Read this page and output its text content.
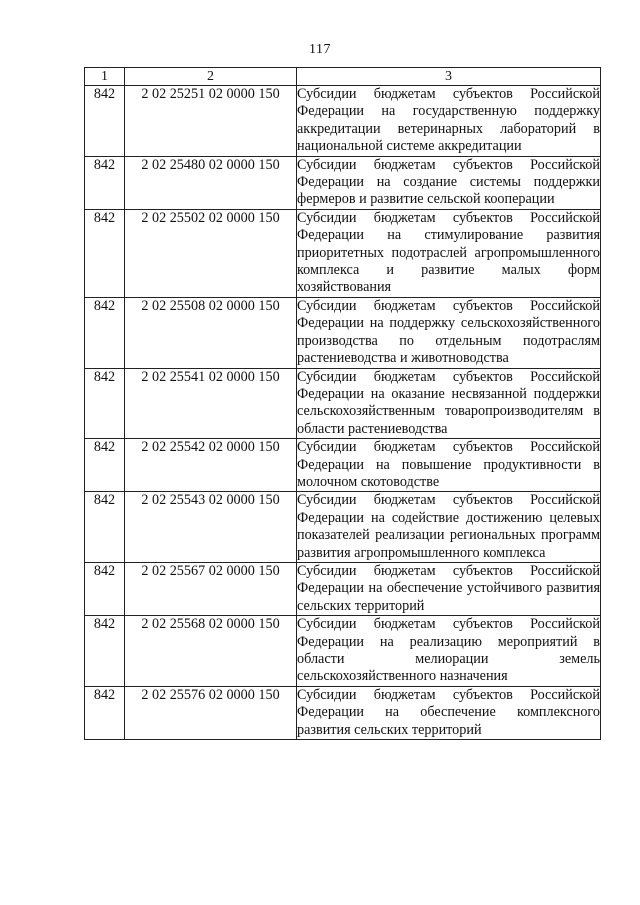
117
1	2	3
842	2 02 25251 02 0000 150	Субсидии бюджетам субъектов Российской Федерации на государственную поддержку аккредитации ветеринарных лабораторий в национальной системе аккредитации
842	2 02 25480 02 0000 150	Субсидии бюджетам субъектов Российской Федерации на создание системы поддержки фермеров и развитие сельской кооперации
842	2 02 25502 02 0000 150	Субсидии бюджетам субъектов Российской Федерации на стимулирование развития приоритетных подотраслей агропромышленного комплекса и развитие малых форм хозяйствования
842	2 02 25508 02 0000 150	Субсидии бюджетам субъектов Российской Федерации на поддержку сельскохозяйственного производства по отдельным подотраслям растениеводства и животноводства
842	2 02 25541 02 0000 150	Субсидии бюджетам субъектов Российской Федерации на оказание несвязанной поддержки сельскохозяйственным товаропроизводителям в области растениеводства
842	2 02 25542 02 0000 150	Субсидии бюджетам субъектов Российской Федерации на повышение продуктивности в молочном скотоводстве
842	2 02 25543 02 0000 150	Субсидии бюджетам субъектов Российской Федерации на содействие достижению целевых показателей реализации региональных программ развития агропромышленного комплекса
842	2 02 25567 02 0000 150	Субсидии бюджетам субъектов Российской Федерации на обеспечение устойчивого развития сельских территорий
842	2 02 25568 02 0000 150	Субсидии бюджетам субъектов Российской Федерации на реализацию мероприятий в области мелиорации земель сельскохозяйственного назначения
842	2 02 25576 02 0000 150	Субсидии бюджетам субъектов Российской Федерации на обеспечение комплексного развития сельских территорий
